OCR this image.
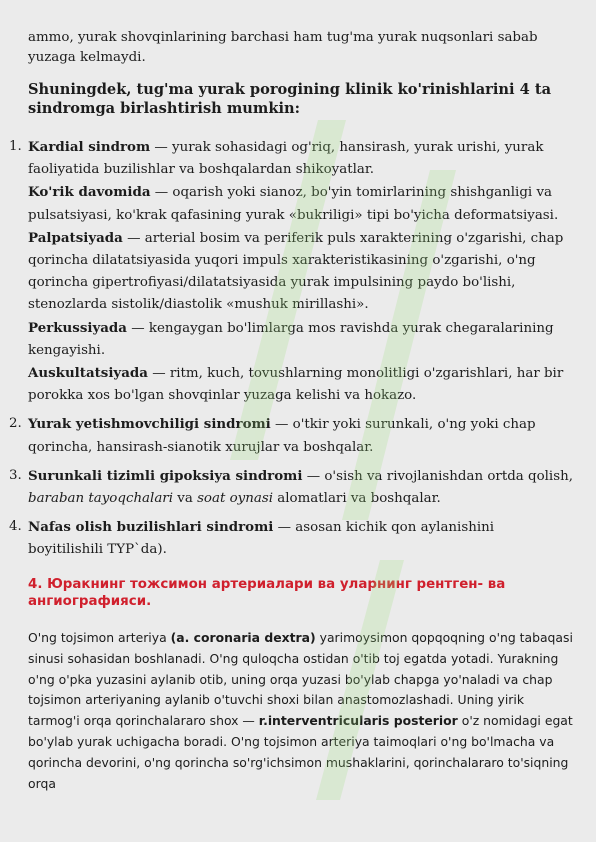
ammo, yurak shovqinlarining barchasi ham tug'ma yurak nuqsonlari sabab yuzaga kelmaydi.
Shuningdek, tug'ma yurak porogining klinik ko'rinishlarini 4 ta sindromga birlashtirish mumkin:
1. Kardial sindrom — yurak sohasidagi og'riq, hansirash, yurak urishi, yurak faoliyatida buzilishlar va boshqalardan shikoyatlar.
Ko'rik davomida — oqarish yoki sianoz, bo'yin tomirlarining shishganligi va pulsatsiyasi, ko'krak qafasining yurak «bukriligi» tipi bo'yicha deformatsiyasi.
Palpatsiyada — arterial bosim va periferik puls xarakterining o'zgarishi, chap qorincha dilatatsiyasida yuqori impuls xarakteristikasining o'zgarishi, o'ng qorincha gipertrofiyasi/dilatatsiyasida yurak impulsining paydo bo'lishi, stenozlarda sistolik/diastolik «mushuk mirillashi».
Perkussiyada — kengaygan bo'limlarga mos ravishda yurak chegaralarining kengayishi.
Auskultatsiyada — ritm, kuch, tovushlarning monolitligi o'zgarishlari, har bir porokka xos bo'lgan shovqinlar yuzaga kelishi va hokazo.
2. Yurak yetishmovchiligi sindromi — o'tkir yoki surunkali, o'ng yoki chap qorincha, hansirash-sianotik xurujlar va boshqalar.
3. Surunkali tizimli gipoksiya sindromi — o'sish va rivojlanishdan ortda qolish, baraban tayoqchalari va soat oynasi alomatlari va boshqalar.
4. Nafas olish buzilishlari sindromi — asosan kichik qon aylanishini boyitilishili TYP`da).
4. Юракнинг тожсимон артериалари ва уларнинг рентген- ва ангиографияси.
O'ng tojsimon arteriya (a. coronaria dextra) yarimoysimon qopqoqning o'ng tabaqasi sinusi sohasidan boshlanadi. O'ng quloqcha ostidan o'tib toj egatda yotadi. Yurakning o'ng o'pka yuzasini aylanib otib, uning orqa yuzasi bo'ylab chapga yo'naladi va chap tojsimon arteriyaning aylanib o'tuvchi shoxi bilan anastomozlashadi. Uning yirik tarmog'i orqa qorinchalararo shox — r.interventricularis posterior o'z nomidagi egat bo'ylab yurak uchigacha boradi. O'ng tojsimon arteriya taimoqlari o'ng bo'lmacha va qorincha devorini, o'ng qorincha so'rg'ichsimon mushaklarini, qorinchalararo to'siqning orqa
